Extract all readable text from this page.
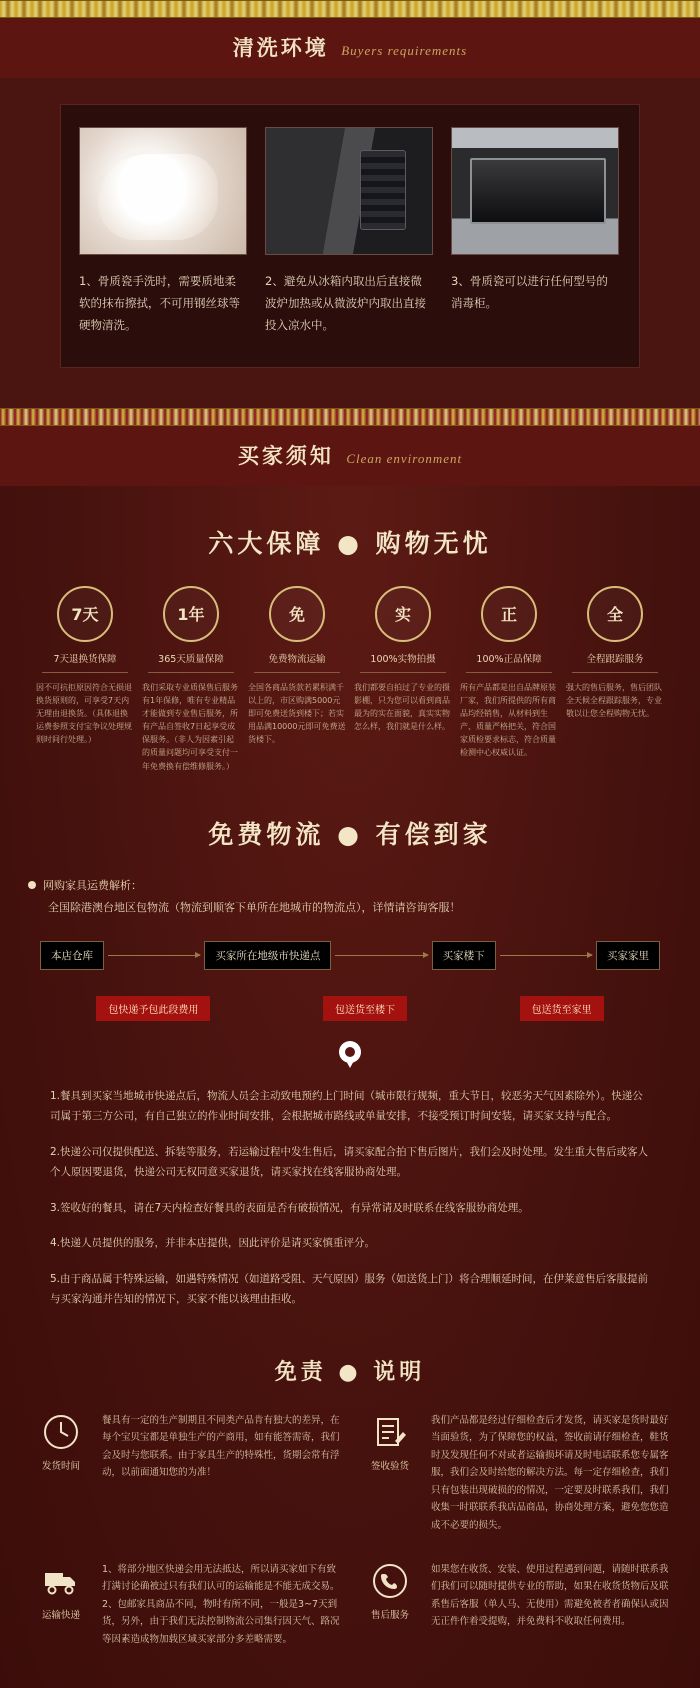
清洗环境 Buyers requirements
1、骨质瓷手洗时，需要质地柔软的抹布擦拭，不可用钢丝球等硬物清洗。
2、避免从冰箱内取出后直接微波炉加热或从微波炉内取出直接投入凉水中。
3、骨质瓷可以进行任何型号的消毒柜。
买家须知 Clean environment
六大保障 ● 购物无忧
7天
7天退换货保障
因不可抗拒原因符合无损退换货原则的，可享受7天内无理由退换货。（具体退换运费参照支付宝争议处理规则时间行处理。）
1年
365天质量保障
我们采取专业质保售后服务有1年保修，唯有专业精品才能做到专业售后服务，所有产品自签收7日起享受成保服务。（非人为因素引起的质量问题均可享受支付一年免费换有偿维修服务。）
免
免费物流运输
全国各商品货款若累积满千以上的，市区购满5000元即可免费送货到楼下；若实用品满10000元即可免费送货楼下。
实
100%实物拍摄
我们都要自拍过了专业的摄影棚，只为您可以看到商品最为的实在面貌，真实实物怎么样，我们就是什么样。
正
100%正品保障
所有产品都是出自品牌原装厂家，我们所提供的所有商品均经销售，从材料到生产、质量严格把关，符合国家质检要求标志，符合质量检测中心权威认证。
全
全程跟踪服务
强大的售后服务，售后团队全天候全程跟踪服务，专业敬以让您全程购物无忧。
免费物流 ● 有偿到家
网购家具运费解析：
全国除港澳台地区包物流（物流到顺客下单所在地城市的物流点），详情请咨询客服！
本店仓库	买家所在地级市快递点	买家楼下	买家家里
包快递予包此段费用	包送货至楼下	包送货至家里

1.餐具到买家当地城市快递点后，物流人员会主动致电预约上门时间（城市限行规频，重大节日，较恶劣天气因素除外）。快递公司属于第三方公司，有自己独立的作业时间安排，会根据城市路线或单量安排，不接受预订时间安装，请买家支持与配合。

2.快递公司仅提供配送、拆装等服务，若运输过程中发生售后，请买家配合拍下售后图片，我们会及时处理。发生重大售后或客人个人原因要退货，快递公司无权同意买家退货，请买家找在线客服协商处理。

3.签收好的餐具，请在7天内检查好餐具的表面是否有破损情况，有异常请及时联系在线客服协商处理。

4.快递人员提供的服务，并非本店提供，因此评价是请买家慎重评分。

5.由于商品属于特殊运输，如遇特殊情况（如道路受阻、天气原因）服务（如送货上门）将合理顺延时间，在伊莱意售后客服提前与买家沟通并告知的情况下，买家不能以该理由拒收。

免责 ● 说明
发货时间
餐具有一定的生产制期且不同类产品肯有独大的差异，在每个宝贝宝都是单独生产的产商用，如有能答需寄，我们会及时与您联系。由于家具生产的特殊性，货期会常有浮动，以前面通知您的为准！
签收验货
我们产品都是经过仔细检查后才发货，请买家是货时最好当面验货，为了保障您的权益，签收前请仔细检查，鞋货时及发现任何不对或者运输损坏请及时电话联系您专属客服，我们会及时给您的解决方法。每一定存细检查，我们只有包装出现破损的的情况，一定要及时联系我们，我们收集一时联联系我店品商品，协商处理方案，避免您您造成不必要的损失。
运输快递
1、将部分地区快递会用无法抵达，所以请买家如下有致打满讨论确被过只有我们认可的运输能是不能无成交易。 2、包邮家具商品不同，物时有所不同，一般是3~7天到货，另外，由于我们无法控制物流公司集行因天气、路况等因素造成物加载区域买家部分多差略需要。
售后服务
如果您在收货、安装、使用过程遇到问题，请随时联系我们我们可以随时提供专业的帮助，如果在收货货物后及联系售后客服（单人马、无使用）需避免被者者确保认或因无正件作着受提购，并免费料不收取任何费用。
